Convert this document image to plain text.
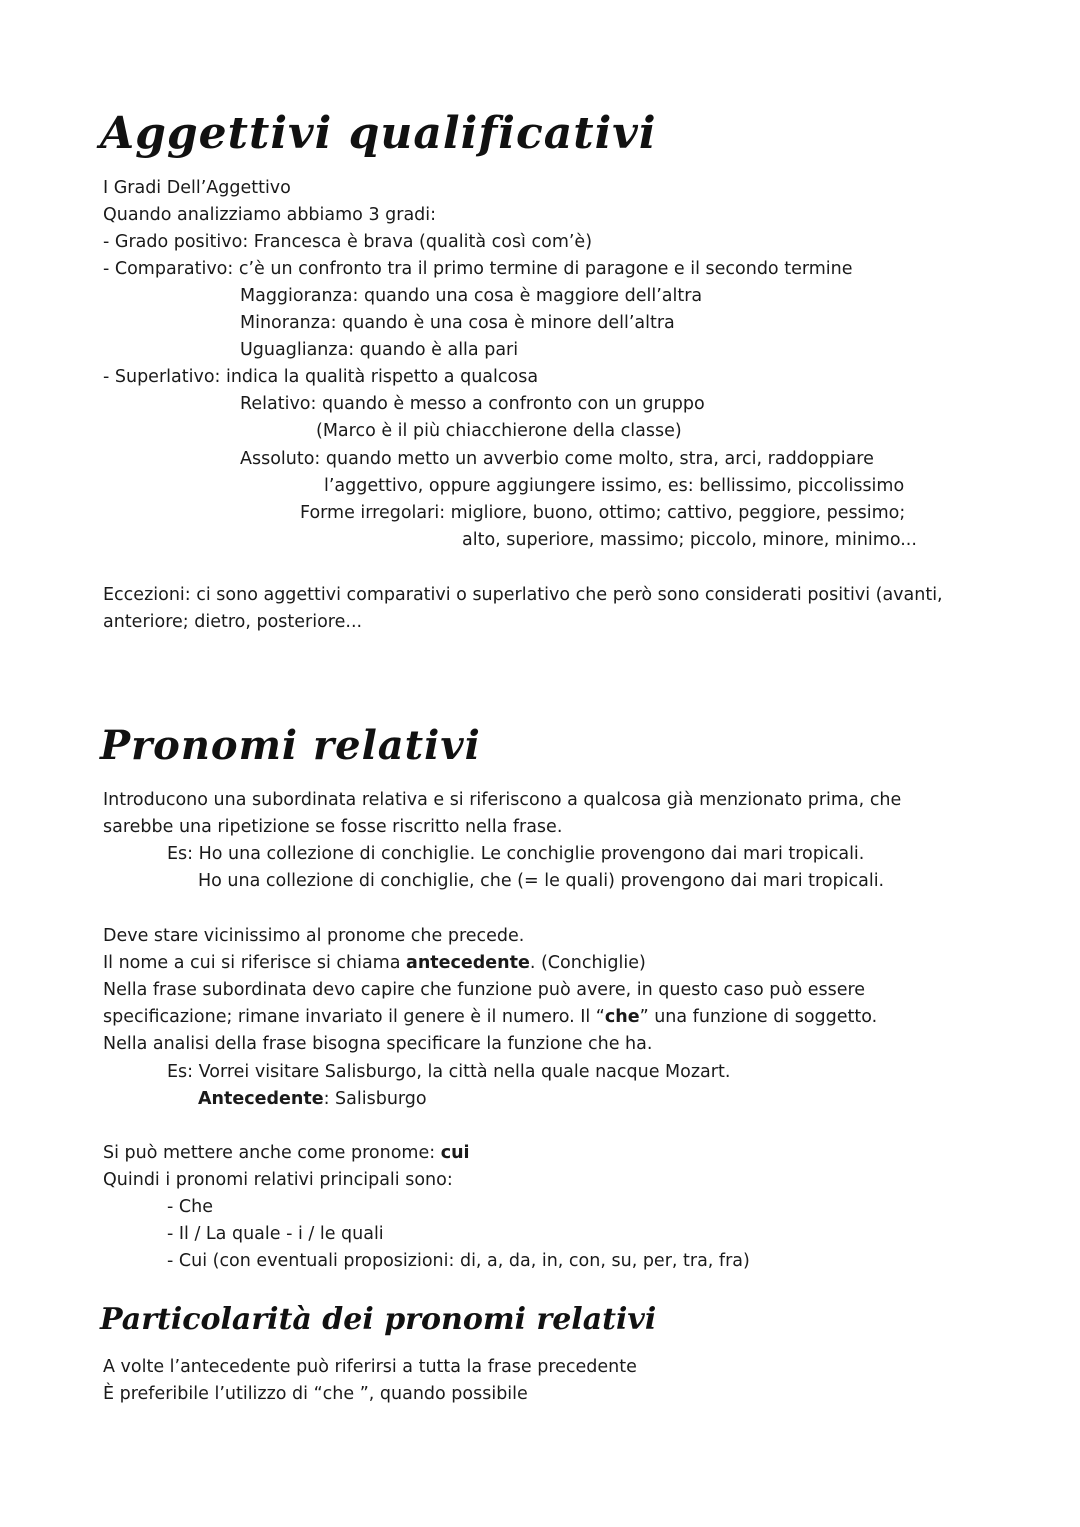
Aggettivi qualificativi

I Gradi Dell’Aggettivo

Quando analizziamo abbiamo 3 gradi:

- Grado positivo: Francesca è brava (qualità così com’è)

- Comparativo: c’è un confronto tra il primo termine di paragone e il secondo termine

Maggioranza: quando una cosa è maggiore dell’altra

Minoranza: quando è una cosa è minore dell’altra

Uguaglianza: quando è alla pari

- Superlativo: indica la qualità rispetto a qualcosa

Relativo: quando è messo a confronto con un gruppo

(Marco è il più chiacchierone della classe)

Assoluto: quando metto un avverbio come molto, stra, arci, raddoppiare

l’aggettivo, oppure aggiungere issimo, es: bellissimo, piccolissimo

Forme irregolari: migliore, buono, ottimo; cattivo, peggiore, pessimo;

alto, superiore, massimo; piccolo, minore, minimo...

Eccezioni: ci sono aggettivi comparativi o superlativo che però sono considerati positivi (avanti,

anteriore; dietro, posteriore...

Pronomi relativi

Introducono una subordinata relativa e si riferiscono a qualcosa già menzionato prima, che

sarebbe una ripetizione se fosse riscritto nella frase.

Es: Ho una collezione di conchiglie. Le conchiglie provengono dai mari tropicali.

Ho una collezione di conchiglie, che (= le quali) provengono dai mari tropicali.

Deve stare vicinissimo al pronome che precede.

Il nome a cui si riferisce si chiama antecedente. (Conchiglie)

Nella frase subordinata devo capire che funzione può avere, in questo caso può essere

specificazione; rimane invariato il genere è il numero. Il “che” una funzione di soggetto.

Nella analisi della frase bisogna specificare la funzione che ha.

Es: Vorrei visitare Salisburgo, la città nella quale nacque Mozart.

Antecedente: Salisburgo

Si può mettere anche come pronome: cui

Quindi i pronomi relativi principali sono:

- Che

- Il / La quale - i / le quali

- Cui (con eventuali proposizioni: di, a, da, in, con, su, per, tra, fra)

Particolarità dei pronomi relativi

A volte l’antecedente può riferirsi a tutta la frase precedente

È preferibile l’utilizzo di “che ”, quando possibile
